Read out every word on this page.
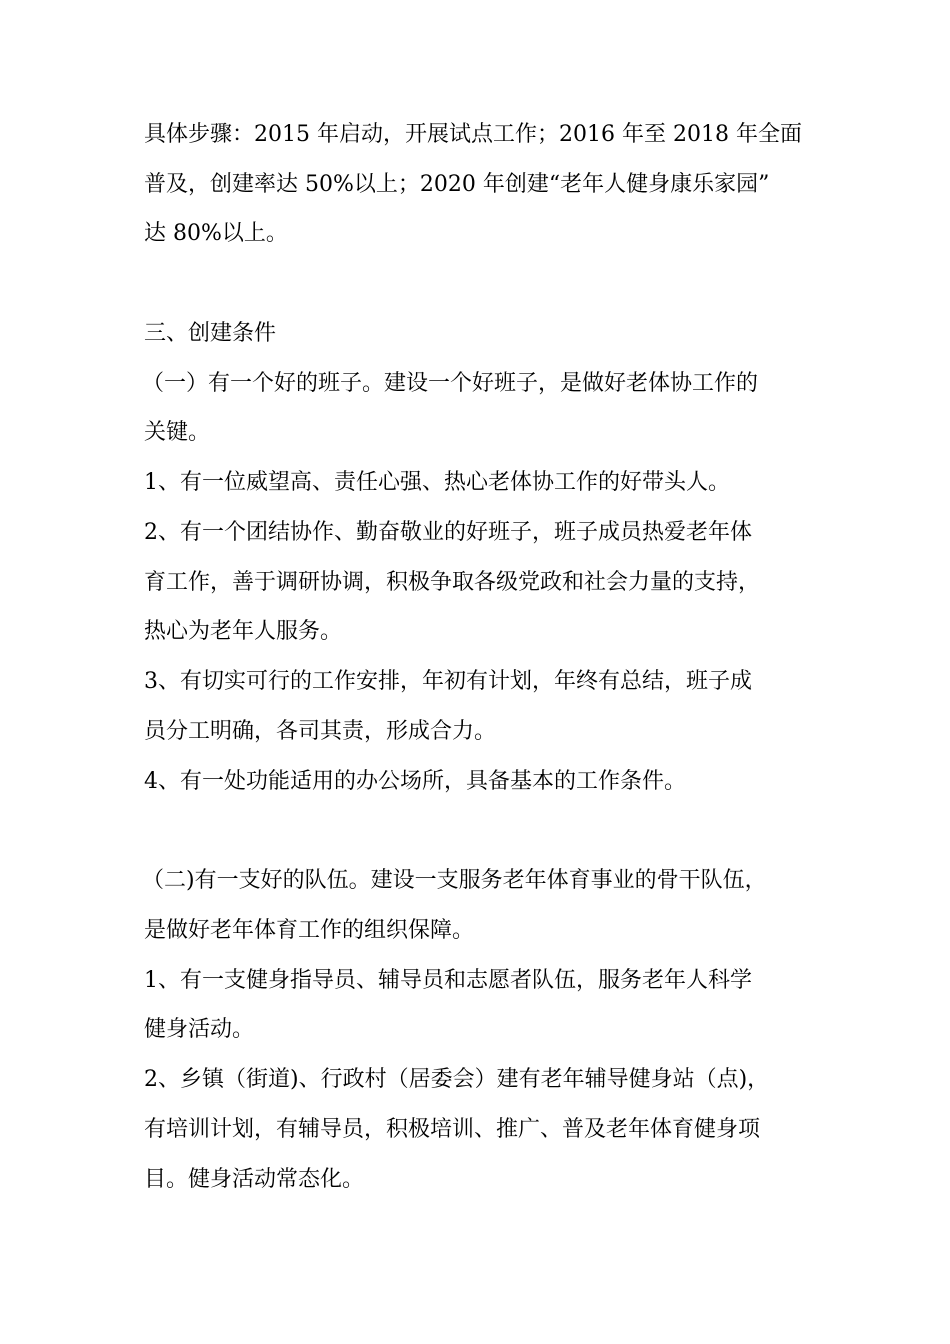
具体步骤：2015 年启动，开展试点工作；2016 年至 2018 年全面
普及，创建率达 50%以上；2020 年创建“老年人健身康乐家园”
达 80%以上。
三、创建条件
（一）有一个好的班子。建设一个好班子，是做好老体协工作的
关键。
1、有一位威望高、责任心强、热心老体协工作的好带头人。
2、有一个团结协作、勤奋敬业的好班子，班子成员热爱老年体
育工作，善于调研协调，积极争取各级党政和社会力量的支持，
热心为老年人服务。
3、有切实可行的工作安排，年初有计划，年终有总结，班子成
员分工明确，各司其责，形成合力。
4、有一处功能适用的办公场所，具备基本的工作条件。
（二)有一支好的队伍。建设一支服务老年体育事业的骨干队伍，
是做好老年体育工作的组织保障。
1、有一支健身指导员、辅导员和志愿者队伍，服务老年人科学
健身活动。
2、乡镇（街道)、行政村（居委会）建有老年辅导健身站（点)，
有培训计划，有辅导员，积极培训、推广、普及老年体育健身项
目。健身活动常态化。
